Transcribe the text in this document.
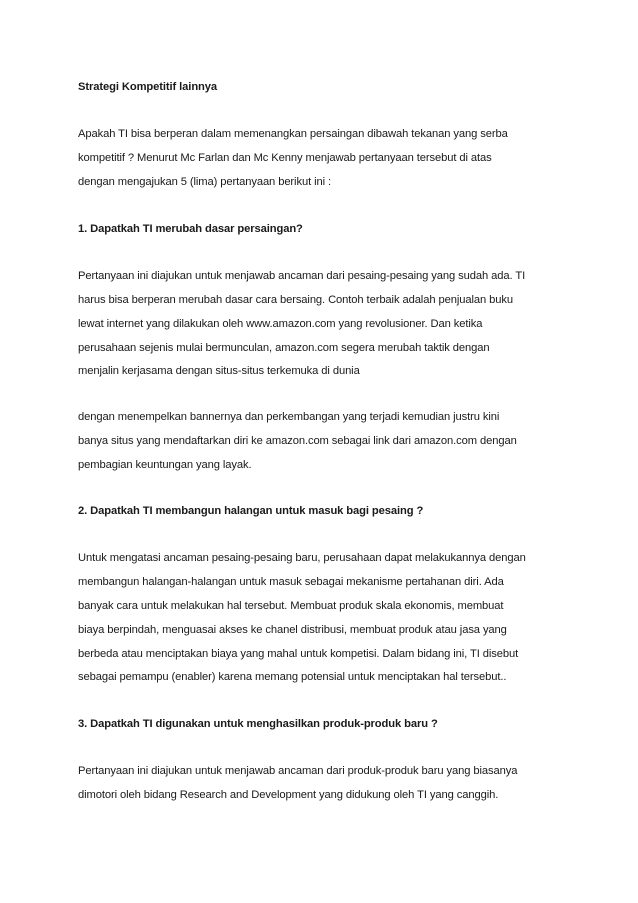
Strategi Kompetitif lainnya

Apakah TI bisa berperan dalam memenangkan persaingan dibawah tekanan yang serba

kompetitif ? Menurut Mc Farlan dan Mc Kenny menjawab pertanyaan tersebut di atas

dengan mengajukan 5 (lima) pertanyaan berikut ini :

1. Dapatkah TI merubah dasar persaingan?

Pertanyaan ini diajukan untuk menjawab ancaman dari pesaing-pesaing yang sudah ada. TI

harus bisa berperan merubah dasar cara bersaing. Contoh terbaik adalah penjualan buku

lewat internet yang dilakukan oleh www.amazon.com yang revolusioner. Dan ketika

perusahaan sejenis mulai bermunculan, amazon.com segera merubah taktik dengan

menjalin kerjasama dengan situs-situs terkemuka di dunia

dengan menempelkan bannernya dan perkembangan yang terjadi kemudian justru kini

banya situs yang mendaftarkan diri ke amazon.com sebagai link dari amazon.com dengan

pembagian keuntungan yang layak.

2. Dapatkah TI membangun halangan untuk masuk bagi pesaing ?

Untuk mengatasi ancaman pesaing-pesaing baru, perusahaan dapat melakukannya dengan

membangun halangan-halangan untuk masuk sebagai mekanisme pertahanan diri. Ada

banyak cara untuk melakukan hal tersebut. Membuat produk skala ekonomis, membuat

biaya berpindah, menguasai akses ke chanel distribusi, membuat produk atau jasa yang

berbeda atau menciptakan biaya yang mahal untuk kompetisi. Dalam bidang ini, TI disebut

sebagai pemampu (enabler) karena memang potensial untuk menciptakan hal tersebut..

3. Dapatkah TI digunakan untuk menghasilkan produk-produk baru ?

Pertanyaan ini diajukan untuk menjawab ancaman dari produk-produk baru yang biasanya

dimotori oleh bidang Research and Development yang didukung oleh TI yang canggih.
